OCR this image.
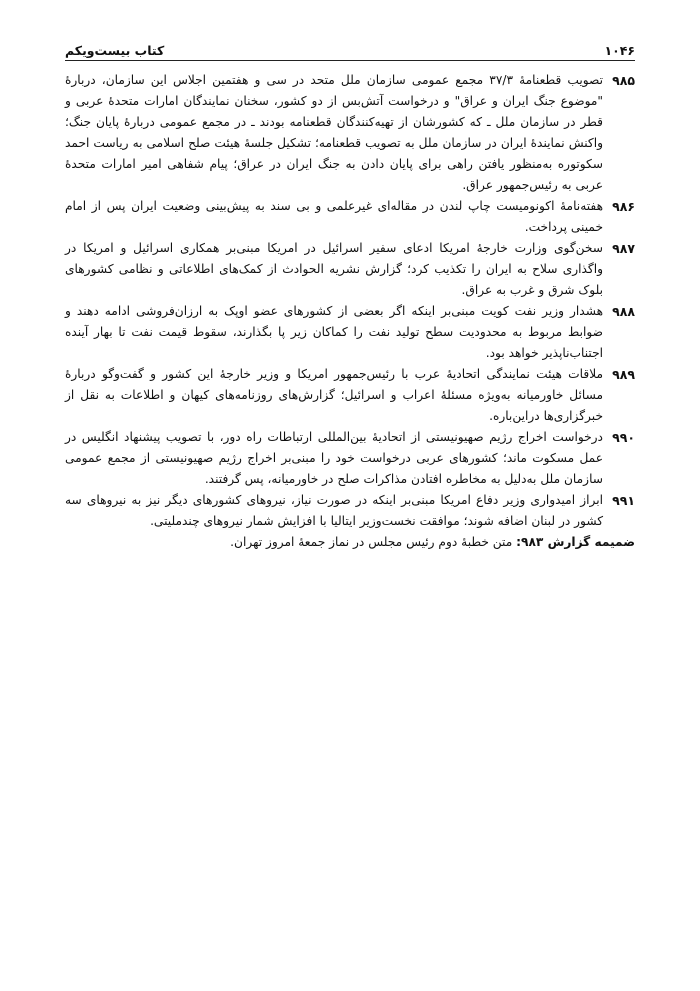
۱۰۴۶
کتاب بیست‌ویکم
۹۸۵
تصویب قطعنامهٔ ۳۷/۳ مجمع عمومی سازمان ملل متحد در سی و هفتمین اجلاس این سازمان، دربارهٔ "موضوع جنگ ایران و عراق" و درخواست آتش‌بس از دو کشور، سخنان نمایندگان امارات متحدهٔ عربی و قطر در سازمان ملل ـ که کشورشان از تهیه‌کنندگان قطعنامه بودند ـ در مجمع عمومی دربارهٔ پایان جنگ؛ واکنش نمایندهٔ ایران در سازمان ملل به تصویب قطعنامه؛ تشکیل جلسهٔ هیئت صلح اسلامی به ریاست احمد سکوتوره به‌منظور یافتن راهی برای پایان دادن به جنگ ایران در عراق؛ پیام شفاهی امیر امارات متحدهٔ عربی به رئیس‌جمهور عراق.
۹۸۶
هفته‌نامهٔ اکونومیست چاپ لندن در مقاله‌ای غیرعلمی و بی سند به پیش‌بینی وضعیت ایران پس از امام خمینی پرداخت.
۹۸۷
سخن‌گوی وزارت خارجهٔ امریکا ادعای سفیر اسرائیل در امریکا مبنی‌بر همکاری اسرائیل و امریکا در واگذاری سلاح به ایران را تکذیب کرد؛ گزارش نشریه الحوادث از کمک‌های اطلاعاتی و نظامی کشورهای بلوک شرق و غرب به عراق.
۹۸۸
هشدار وزیر نفت کویت مبنی‌بر اینکه اگر بعضی از کشورهای عضو اوپک به ارزان‌فروشی ادامه دهند و ضوابط مربوط به محدودیت سطح تولید نفت را کماکان زیر پا بگذارند، سقوط قیمت نفت تا بهار آینده اجتناب‌ناپذیر خواهد بود.
۹۸۹
ملاقات هیئت نمایندگی اتحادیهٔ عرب با رئیس‌جمهور امریکا و وزیر خارجهٔ این کشور و گفت‌وگو دربارهٔ مسائل خاورمیانه به‌ویژه مسئلهٔ اعراب و اسرائیل؛ گزارش‌های روزنامه‌های کیهان و اطلاعات به نقل از خبرگزاری‌ها دراین‌باره.
۹۹۰
درخواست اخراج رژیم صهیونیستی از اتحادیهٔ بین‌المللی ارتباطات راه دور، با تصویب پیشنهاد انگلیس در عمل مسکوت ماند؛ کشورهای عربی درخواست خود را مبنی‌بر اخراج رژیم صهیونیستی از مجمع عمومی سازمان ملل به‌دلیل به مخاطره افتادن مذاکرات صلح در خاورمیانه، پس گرفتند.
۹۹۱
ابراز امیدواری وزیر دفاع امریکا مبنی‌بر اینکه در صورت نیاز، نیروهای کشورهای دیگر نیز به نیروهای سه کشور در لبنان اضافه شوند؛ موافقت نخست‌وزیر ایتالیا با افزایش شمار نیروهای چندملیتی.
ضمیمه گزارش ۹۸۳: متن خطبهٔ دوم رئیس مجلس در نماز جمعهٔ امروز تهران.
